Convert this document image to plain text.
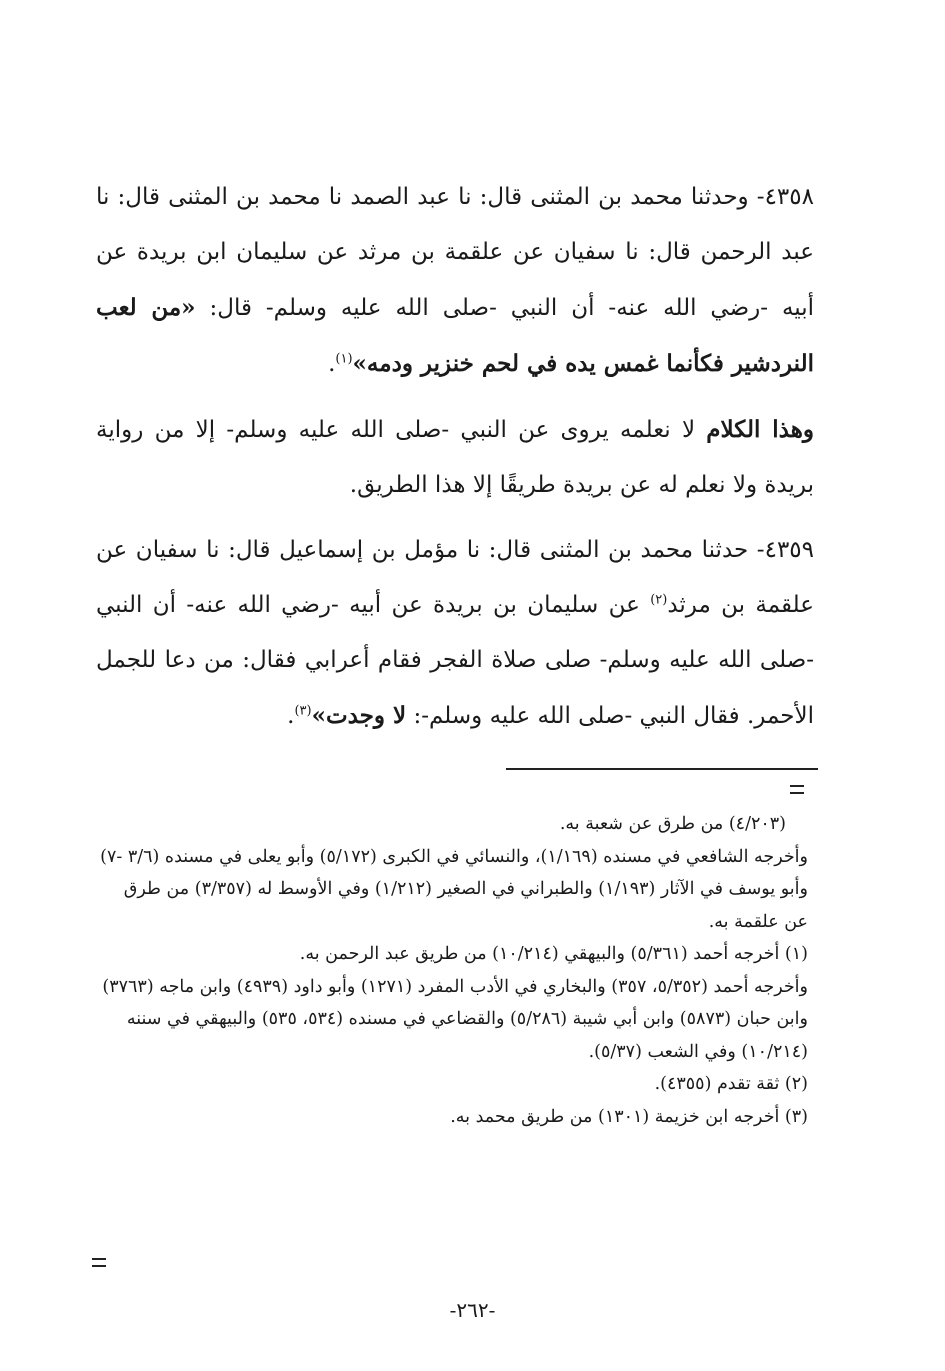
٤٣٥٨- وحدثنا محمد بن المثنى قال: نا عبد الصمد نا محمد بن المثنى قال: نا عبد الرحمن قال: نا سفيان عن علقمة بن مرثد عن سليمان ابن بريدة عن أبيه -رضي الله عنه- أن النبي -صلى الله عليه وسلم- قال: «من لعب النردشير فكأنما غمس يده في لحم خنزير ودمه»$^{(١)}$.

وهذا الكلام لا نعلمه يروى عن النبي -صلى الله عليه وسلم- إلا من رواية بريدة ولا نعلم له عن بريدة طريقًا إلا هذا الطريق.

٤٣٥٩- حدثنا محمد بن المثنى قال: نا مؤمل بن إسماعيل قال: نا سفيان عن علقمة بن مرثد$^{(٢)}$ عن سليمان بن بريدة عن أبيه -رضي الله عنه- أن النبي -صلى الله عليه وسلم- صلى صلاة الفجر فقام أعرابي فقال: من دعا للجمل الأحمر. فقال النبي -صلى الله عليه وسلم-: لا وجدت»$^{(٣)}$.

(٤/٢٠٣) من طرق عن شعبة به.

وأخرجه الشافعي في مسنده (١/١٦٩)، والنسائي في الكبرى (٥/١٧٢) وأبو يعلى في مسنده (٣/٦ -٧) وأبو يوسف في الآثار (١/١٩٣) والطبراني في الصغير (١/٢١٢) وفي الأوسط له (٣/٣٥٧) من طرق عن علقمة به.

(١) أخرجه أحمد (٥/٣٦١) والبيهقي (١٠/٢١٤) من طريق عبد الرحمن به.

وأخرجه أحمد (٥/٣٥٢، ٣٥٧) والبخاري في الأدب المفرد (١٢٧١) وأبو داود (٤٩٣٩) وابن ماجه (٣٧٦٣) وابن حبان (٥٨٧٣) وابن أبي شيبة (٥/٢٨٦) والقضاعي في مسنده (٥٣٤، ٥٣٥) والبيهقي في سننه (١٠/٢١٤) وفي الشعب (٥/٣٧).

(٢) ثقة تقدم (٤٣٥٥).

(٣) أخرجه ابن خزيمة (١٣٠١) من طريق محمد به.

-٢٦٢-
